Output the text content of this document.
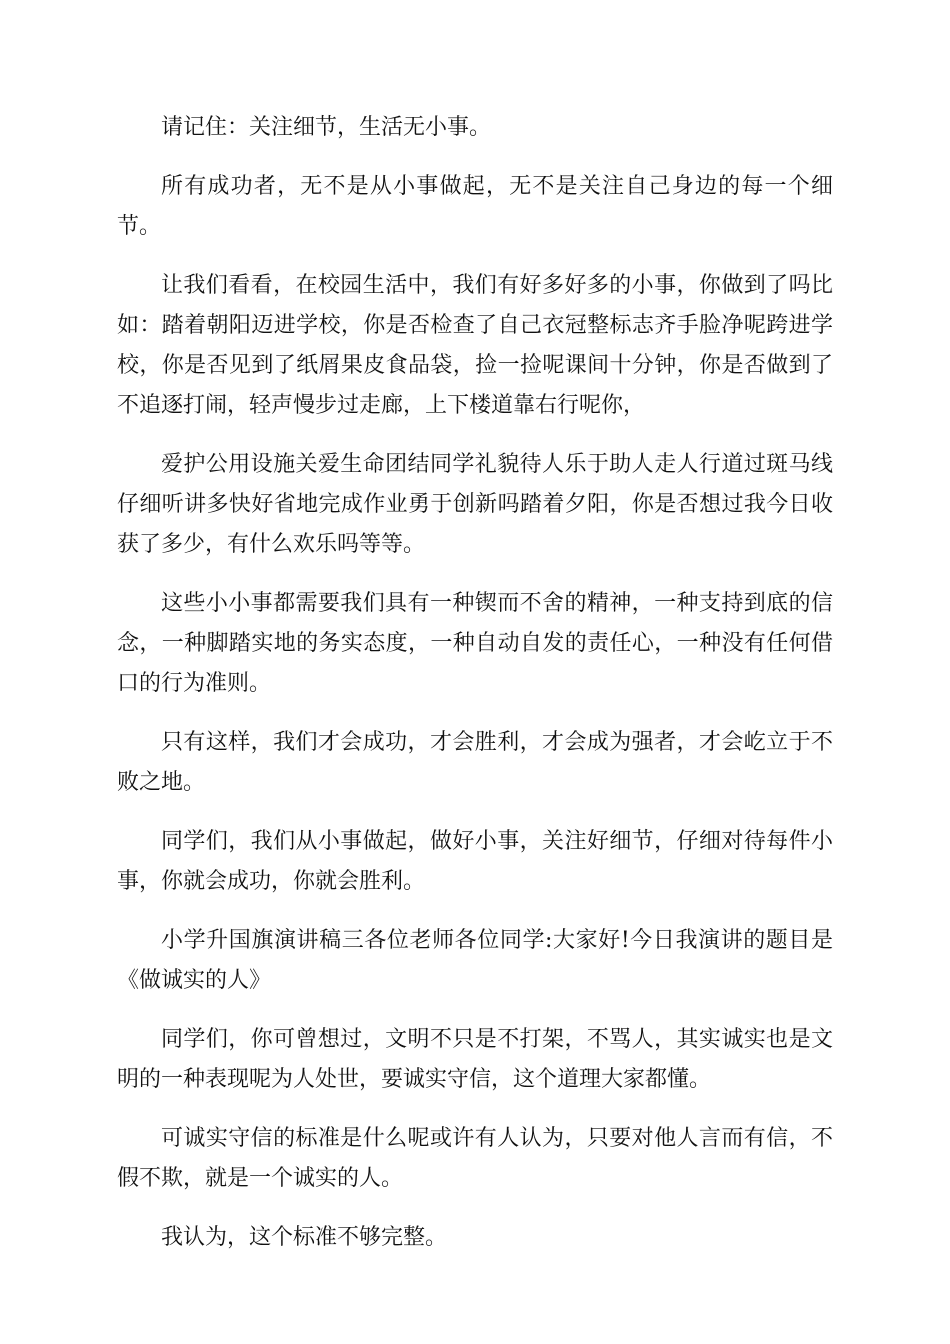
请记住：关注细节，生活无小事。

所有成功者，无不是从小事做起，无不是关注自己身边的每一个细节。

让我们看看，在校园生活中，我们有好多好多的小事，你做到了吗比如：踏着朝阳迈进学校，你是否检查了自己衣冠整标志齐手脸净呢跨进学校，你是否见到了纸屑果皮食品袋，捡一捡呢课间十分钟，你是否做到了不追逐打闹，轻声慢步过走廊，上下楼道靠右行呢你，

爱护公用设施关爱生命团结同学礼貌待人乐于助人走人行道过斑马线仔细听讲多快好省地完成作业勇于创新吗踏着夕阳，你是否想过我今日收获了多少，有什么欢乐吗等等。

这些小小事都需要我们具有一种锲而不舍的精神，一种支持到底的信念，一种脚踏实地的务实态度，一种自动自发的责任心，一种没有任何借口的行为准则。

只有这样，我们才会成功，才会胜利，才会成为强者，才会屹立于不败之地。

同学们，我们从小事做起，做好小事，关注好细节，仔细对待每件小事，你就会成功，你就会胜利。

小学升国旗演讲稿三各位老师各位同学:大家好!今日我演讲的题目是《做诚实的人》

同学们，你可曾想过，文明不只是不打架，不骂人，其实诚实也是文明的一种表现呢为人处世，要诚实守信，这个道理大家都懂。

可诚实守信的标准是什么呢或许有人认为，只要对他人言而有信，不假不欺，就是一个诚实的人。

我认为，这个标准不够完整。
